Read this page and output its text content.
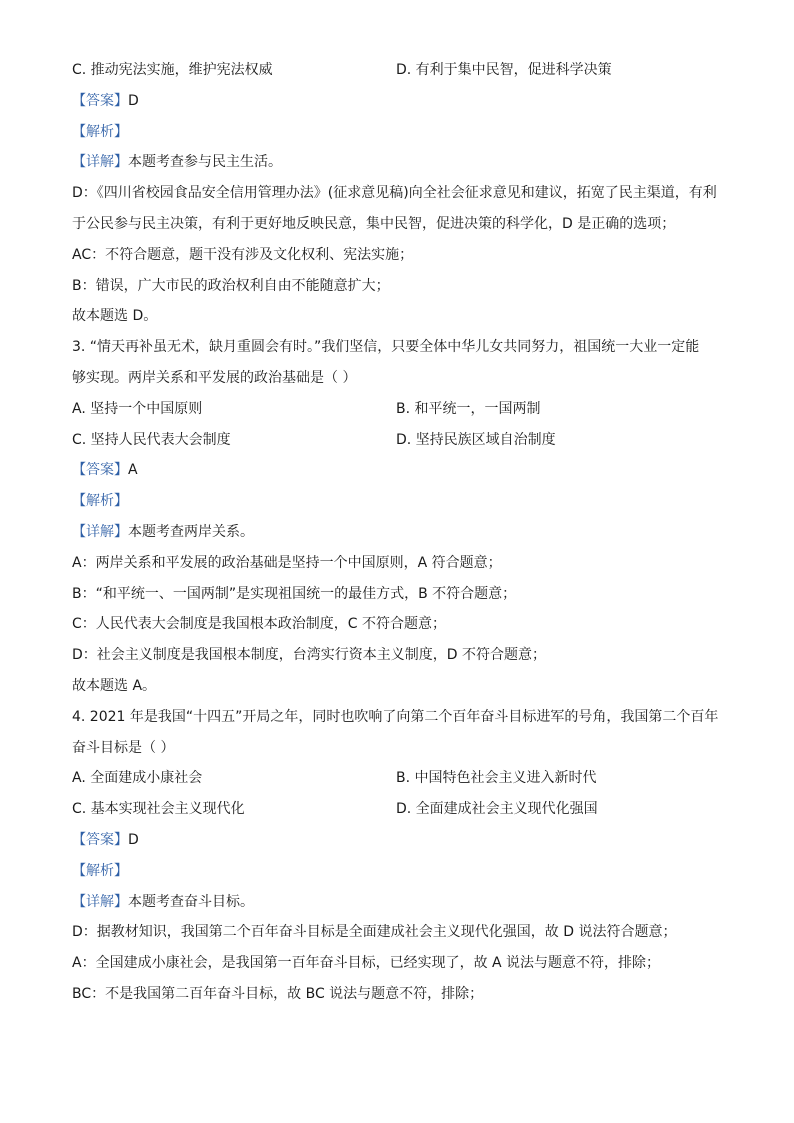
C. 推动宪法实施，维护宪法权威	D. 有利于集中民智，促进科学决策
【答案】D
【解析】
【详解】本题考查参与民主生活。
D：《四川省校园食品安全信用管理办法》(征求意见稿)向全社会征求意见和建议，拓宽了民主渠道，有利
于公民参与民主决策，有利于更好地反映民意，集中民智，促进决策的科学化，D 是正确的选项；
AC：不符合题意，题干没有涉及文化权利、宪法实施；
B：错误，广大市民的政治权利自由不能随意扩大；
故本题选 D。
3. “情天再补虽无术，缺月重圆会有时。”我们坚信，只要全体中华儿女共同努力，祖国统一大业一定能
够实现。两岸关系和平发展的政治基础是（ ）
A. 坚持一个中国原则	B. 和平统一，一国两制
C. 坚持人民代表大会制度	D. 坚持民族区域自治制度
【答案】A
【解析】
【详解】本题考查两岸关系。
A：两岸关系和平发展的政治基础是坚持一个中国原则，A 符合题意；
B：“和平统一、一国两制”是实现祖国统一的最佳方式，B 不符合题意；
C：人民代表大会制度是我国根本政治制度，C 不符合题意；
D：社会主义制度是我国根本制度，台湾实行资本主义制度，D 不符合题意；
故本题选 A。
4. 2021 年是我国“十四五”开局之年，同时也吹响了向第二个百年奋斗目标进军的号角，我国第二个百年
奋斗目标是（ ）
A. 全面建成小康社会	B. 中国特色社会主义进入新时代
C. 基本实现社会主义现代化	D. 全面建成社会主义现代化强国
【答案】D
【解析】
【详解】本题考查奋斗目标。
D：据教材知识，我国第二个百年奋斗目标是全面建成社会主义现代化强国，故 D 说法符合题意；
A：全国建成小康社会，是我国第一百年奋斗目标，已经实现了，故 A 说法与题意不符，排除；
BC：不是我国第二百年奋斗目标，故 BC 说法与题意不符，排除；
